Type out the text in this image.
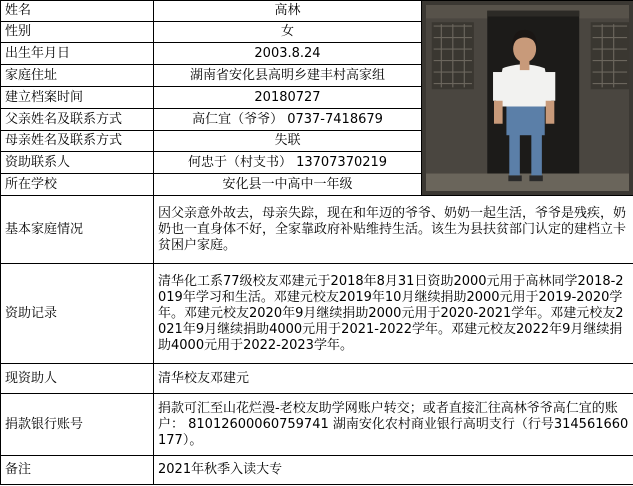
姓名	高林	

性别	女	
出生年月日	2003.8.24	
家庭住址	湖南省安化县高明乡建丰村高家组	
建立档案时间	20180727	
父亲姓名及联系方式	高仁宜（爷爷） 0737-7418679	
母亲姓名及联系方式	失联	
资助联系人	何忠于（村支书） 13707370219	
所在学校	安化县一中高中一年级	
基本家庭情况	因父亲意外故去，母亲失踪，现在和年迈的爷爷、奶奶一起生活，爷爷是残疾，奶奶也一直身体不好，全家靠政府补贴维持生活。该生为县扶贫部门认定的建档立卡贫困户家庭。	
资助记录	清华化工系77级校友邓建元于2018年8月31日资助2000元用于高林同学2018-2019年学习和生活。邓建元校友2019年10月继续捐助2000元用于2019-2020学年。邓建元校友2020年9月继续捐助2000元用于2020-2021学年。邓建元校友2021年9月继续捐助4000元用于2021-2022学年。邓建元校友2022年9月继续捐助4000元用于2022-2023学年。	
现资助人	清华校友邓建元	
捐款银行账号	捐款可汇至山花烂漫-老校友助学网账户转交；或者直接汇往高林爷爷高仁宜的账户： 81012600060759741 湖南安化农村商业银行高明支行（行号314561660177）。	
备注	2021年秋季入读大专	
